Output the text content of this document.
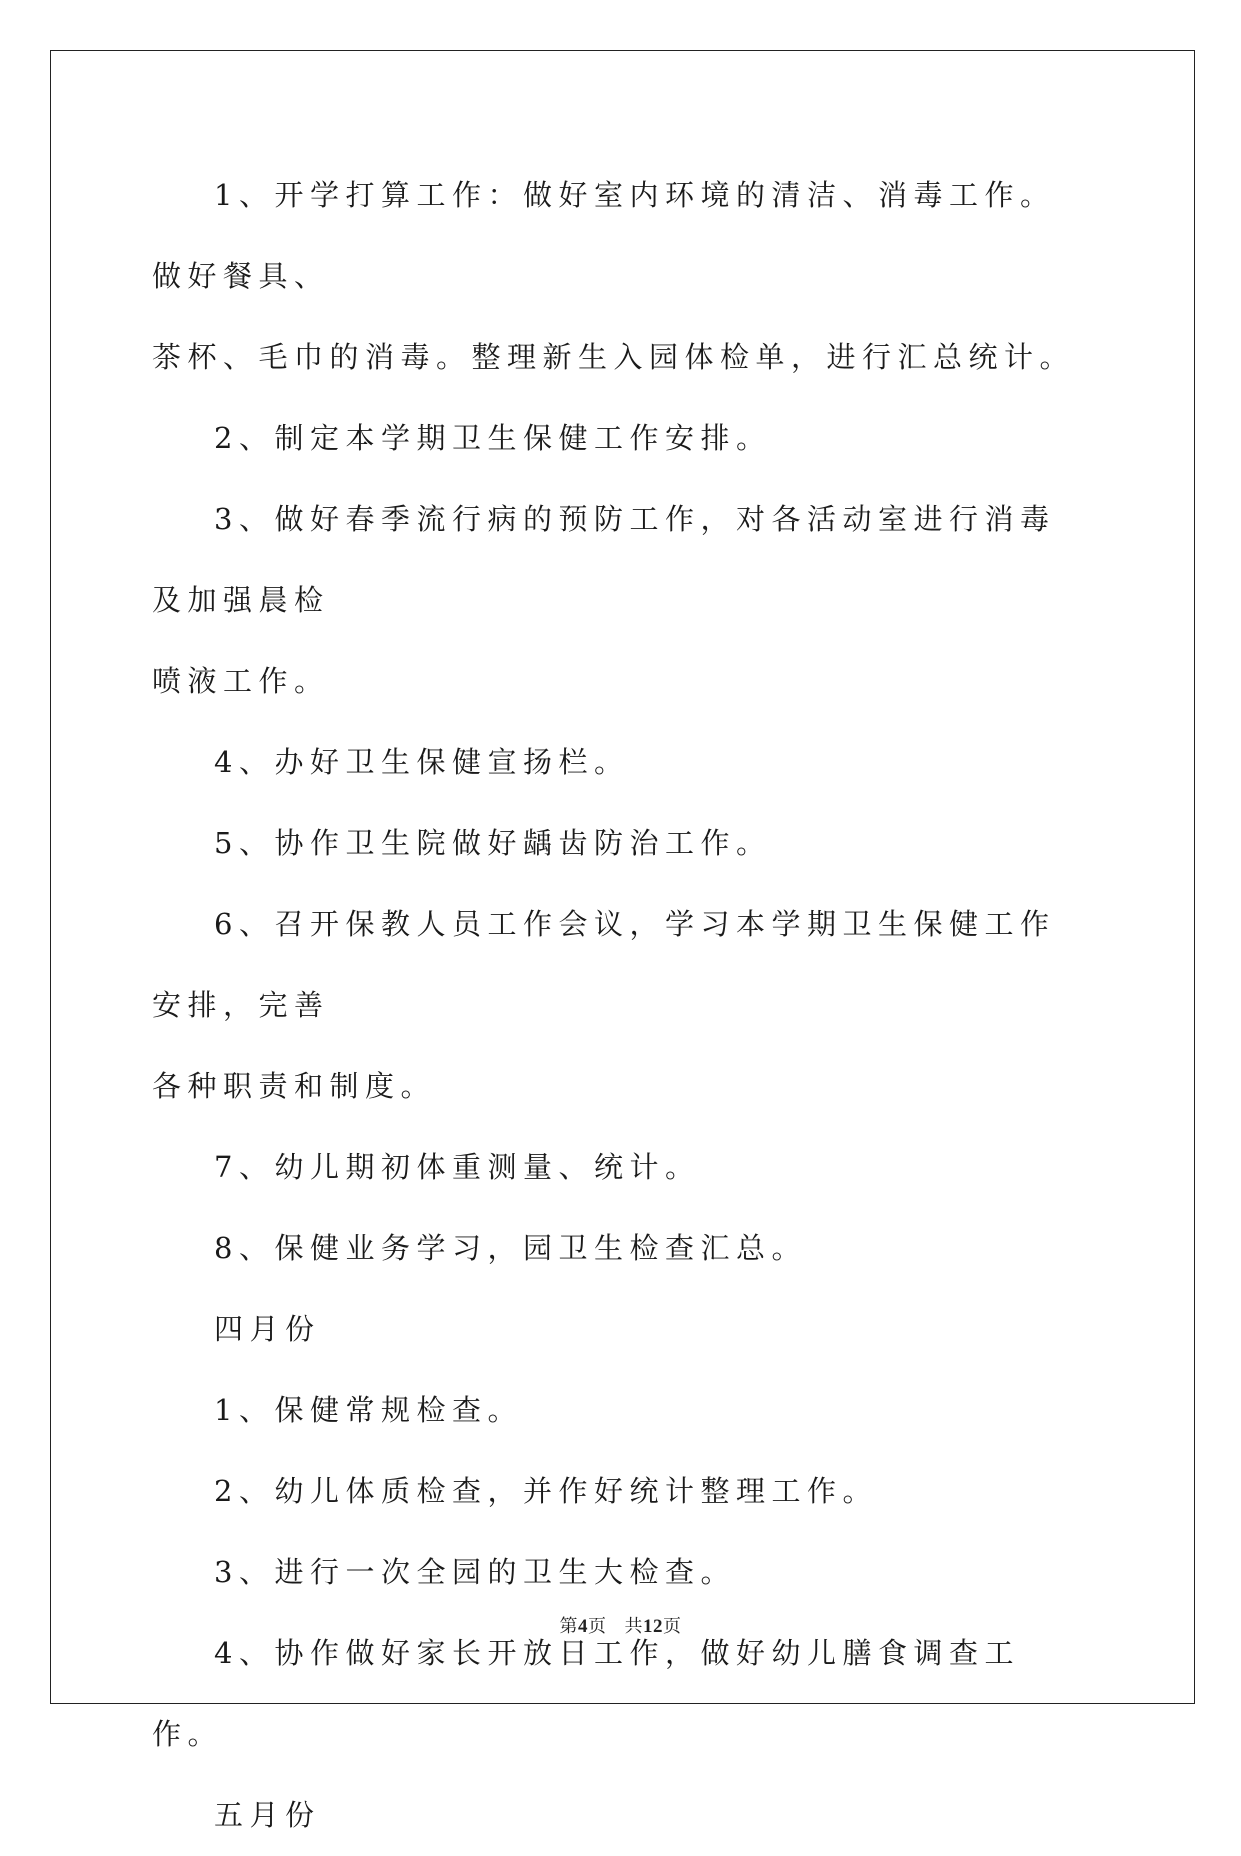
1、开学打算工作：做好室内环境的清洁、消毒工作。做好餐具、

茶杯、毛巾的消毒。整理新生入园体检单，进行汇总统计。

2、制定本学期卫生保健工作安排。

3、做好春季流行病的预防工作，对各活动室进行消毒及加强晨检

喷液工作。

4、办好卫生保健宣扬栏。

5、协作卫生院做好龋齿防治工作。

6、召开保教人员工作会议，学习本学期卫生保健工作安排，完善

各种职责和制度。

7、幼儿期初体重测量、统计。

8、保健业务学习，园卫生检查汇总。

四月份

1、保健常规检查。

2、幼儿体质检查，并作好统计整理工作。

3、进行一次全园的卫生大检查。

4、协作做好家长开放日工作，做好幼儿膳食调查工作。

五月份

第4页 共12页
